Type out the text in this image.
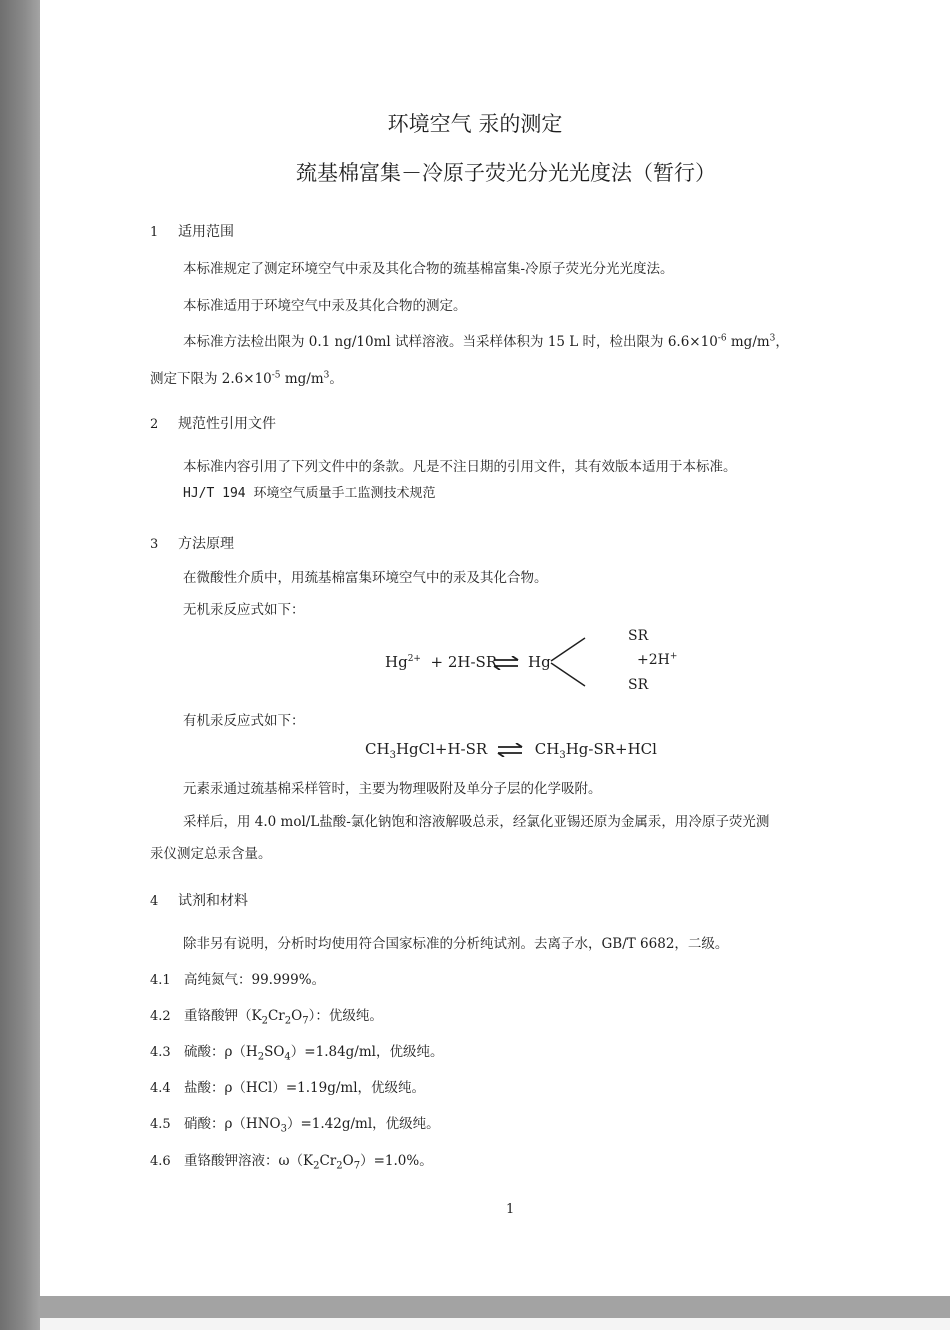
环境空气 汞的测定
巯基棉富集－冷原子荧光分光光度法（暂行）
1 适用范围
本标准规定了测定环境空气中汞及其化合物的巯基棉富集-冷原子荧光分光光度法。
本标准适用于环境空气中汞及其化合物的测定。
本标准方法检出限为 0.1 ng/10ml 试样溶液。当采样体积为 15 L 时，检出限为 $6.6\times 10^{-6}$ $mg/m^3$，
测定下限为 $2.6\times 10^{-5}$ $mg/m^3$。
2 规范性引用文件
本标准内容引用了下列文件中的条款。凡是不注日期的引用文件，其有效版本适用于本标准。
HJ/T 194 环境空气质量手工监测技术规范
3 方法原理
在微酸性介质中，用巯基棉富集环境空气中的汞及其化合物。
无机汞反应式如下：
$Hg^{2+} + 2H-SR$ ⇌ Hg
SR
SR
+2H+
有机汞反应式如下：
$CH_3HgCl+H-SR$ ⇌ $CH_3Hg-SR+HCl$
元素汞通过巯基棉采样管时，主要为物理吸附及单分子层的化学吸附。
采样后，用 4.0 mol/L盐酸-氯化钠饱和溶液解吸总汞，经氯化亚锡还原为金属汞，用冷原子荧光测
汞仪测定总汞含量。
4 试剂和材料
除非另有说明，分析时均使用符合国家标准的分析纯试剂。去离子水，GB/T 6682，二级。
4.1 高纯氮气：99.999%。
4.2 重铬酸钾$(K_2Cr_2O_7)$：优级纯。
4.3 硫酸：$\rho(H_2SO_4)=1.84g/ml$，优级纯。
4.4 盐酸：ρ（HCl）=1.19g/ml，优级纯。
4.5 硝酸：$\rho(HNO_3)=1.42g/ml$，优级纯。
4.6 重铬酸钾溶液：$\omega(K_2Cr_2O_7)=1.0\%$。
1
